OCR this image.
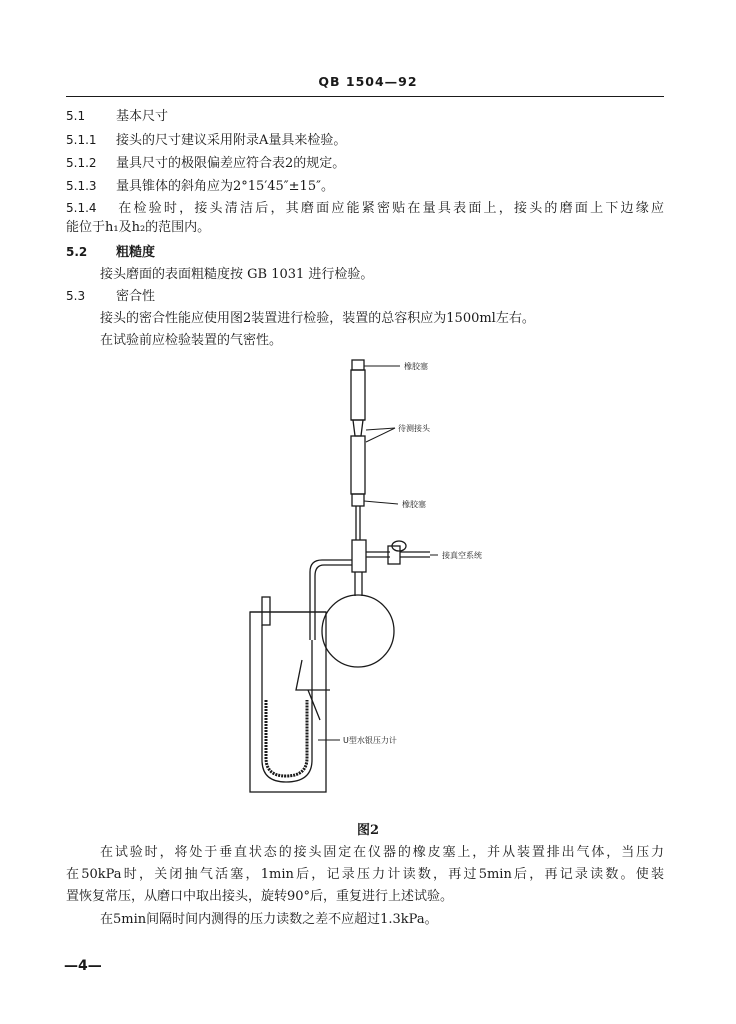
QB 1504—92
5.1 基本尺寸
5.1.1 接头的尺寸建议采用附录A量具来检验。
5.1.2 量具尺寸的极限偏差应符合表2的规定。
5.1.3 量具锥体的斜角应为2°15′45″±15″。
5.1.4 在检验时，接头清洁后，其磨面应能紧密贴在量具表面上，接头的磨面上下边缘应
能位于h₁及h₂的范围内。
5.2 粗糙度
接头磨面的表面粗糙度按 GB 1031 进行检验。
5.3 密合性
接头的密合性能应使用图2装置进行检验，装置的总容积应为1500ml左右。
在试验前应检验装置的气密性。
橡胶塞
待测接头
橡胶塞
接真空系统
U型水银压力计
图2
在试验时，将处于垂直状态的接头固定在仪器的橡皮塞上，并从装置排出气体，当压力
在50kPa时，关闭抽气活塞，1min后，记录压力计读数，再过5min后，再记录读数。使装
置恢复常压，从磨口中取出接头，旋转90°后，重复进行上述试验。
在5min间隔时间内测得的压力读数之差不应超过1.3kPa。
—4—
